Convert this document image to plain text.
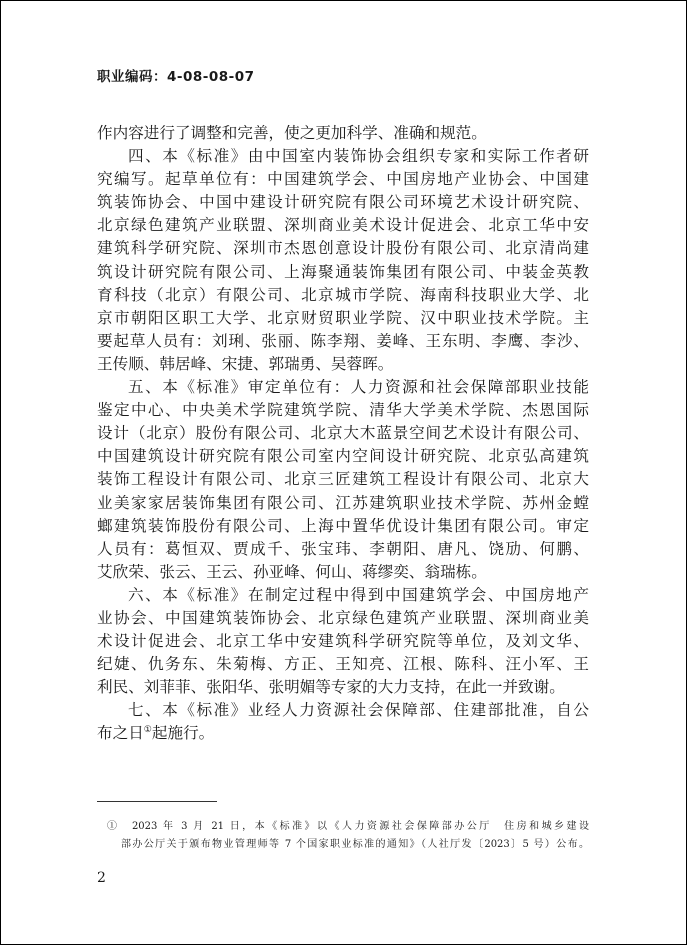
职业编码：4-08-08-07

作内容进行了调整和完善，使之更加科学、准确和规范。

四、本《标准》由中国室内装饰协会组织专家和实际工作者研
究编写。起草单位有：中国建筑学会、中国房地产业协会、中国建
筑装饰协会、中国中建设计研究院有限公司环境艺术设计研究院、
北京绿色建筑产业联盟、深圳商业美术设计促进会、北京工华中安
建筑科学研究院、深圳市杰恩创意设计股份有限公司、北京清尚建
筑设计研究院有限公司、上海聚通装饰集团有限公司、中装金英教
育科技（北京）有限公司、北京城市学院、海南科技职业大学、北
京市朝阳区职工大学、北京财贸职业学院、汉中职业技术学院。主
要起草人员有：刘琍、张丽、陈李翔、姜峰、王东明、李鹰、李沙、
王传顺、韩居峰、宋捷、郭瑞勇、吴蓉晖。

五、本《标准》审定单位有：人力资源和社会保障部职业技能
鉴定中心、中央美术学院建筑学院、清华大学美术学院、杰恩国际
设计（北京）股份有限公司、北京大木蓝景空间艺术设计有限公司、
中国建筑设计研究院有限公司室内空间设计研究院、北京弘高建筑
装饰工程设计有限公司、北京三匠建筑工程设计有限公司、北京大
业美家家居装饰集团有限公司、江苏建筑职业技术学院、苏州金螳
螂建筑装饰股份有限公司、上海中置华优设计集团有限公司。审定
人员有：葛恒双、贾成千、张宝玮、李朝阳、唐凡、饶劢、何鹏、
艾欣荣、张云、王云、孙亚峰、何山、蒋缪奕、翁瑞栋。

六、本《标准》在制定过程中得到中国建筑学会、中国房地产
业协会、中国建筑装饰协会、北京绿色建筑产业联盟、深圳商业美
术设计促进会、北京工华中安建筑科学研究院等单位，及刘文华、
纪婕、仇务东、朱菊梅、方正、王知亮、江根、陈科、汪小军、王
利民、刘菲菲、张阳华、张明媚等专家的大力支持，在此一并致谢。

七、本《标准》业经人力资源社会保障部、住建部批准，自公
布之日①起施行。

①　2023 年 3 月 21 日，本《标准》以《人力资源社会保障部办公厅　住房和城乡建设
部办公厅关于颁布物业管理师等 7 个国家职业标准的通知》（人社厅发〔2023〕5 号）公布。
2
